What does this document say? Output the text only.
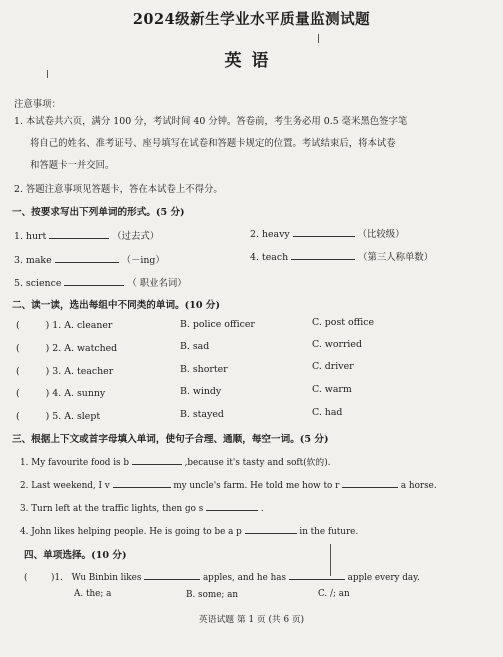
2024级新生学业水平质量监测试题
英语
注意事项：
1. 本试卷共六页，满分 100 分，考试时间 40 分钟。答卷前，考生务必用 0.5 毫米黑色签字笔
将自己的姓名、准考证号、座号填写在试卷和答题卡规定的位置。考试结束后，将本试卷
和答题卡一并交回。
2. 答题注意事项见答题卡，答在本试卷上不得分。
一、按要求写出下列单词的形式。(5 分)
1. hurt	（过去式）	2. heavy	（比较级）
3. make	（－ing）	4. teach	（第三人称单数）
5. science	（ 职业名词）
二、读一读，选出每组中不同类的单词。(10 分)
(	) 1. A. cleaner	B. police officer	C. post office
(	) 2. A. watched	B. sad	C. worried
(	) 3. A. teacher	B. shorter	C. driver
(	) 4. A. sunny	B. windy	C. warm
(	) 5. A. slept	B. stayed	C. had
三、根据上下文或首字母填入单词，使句子合理、通顺，每空一词。(5 分)
1. My favourite food is b	,because it's tasty and soft(软的).
2. Last weekend, I v	my uncle's farm. He told me how to r	a horse.
3. Turn left at the traffic lights, then go s	.
4. John likes helping people. He is going to be a p	in the future.
四、单项选择。(10 分)
(	)1. Wu Binbin likes	apples, and he has	apple every day.
A. the; a	B. some; an	C. /; an
英语试题 第 1 页 (共 6 页)
